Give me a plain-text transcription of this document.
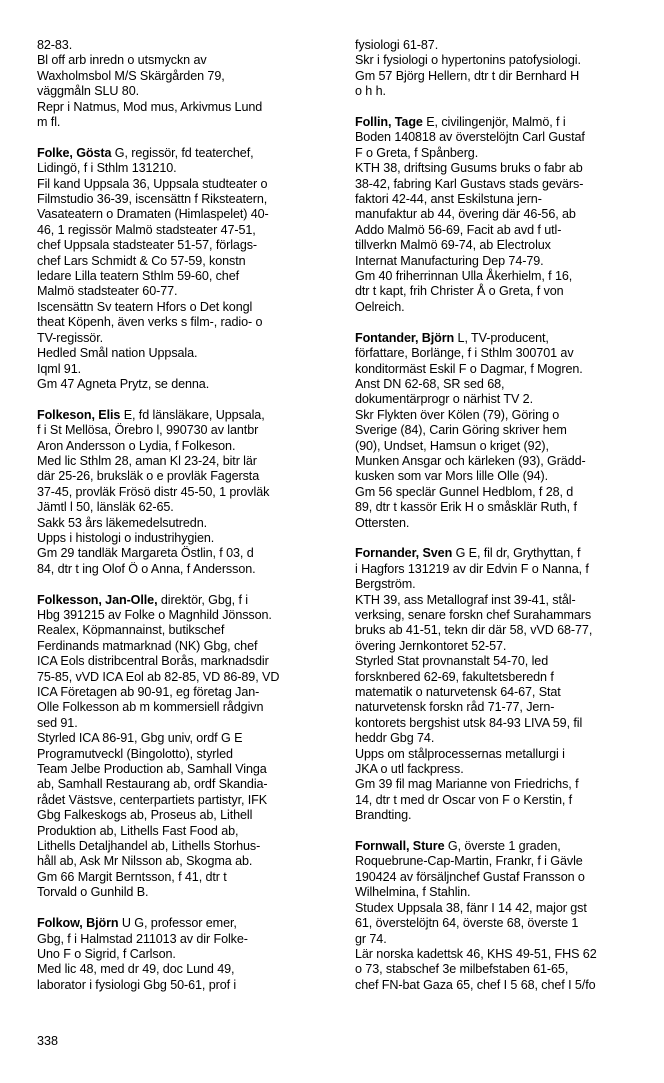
82-83.
Bl off arb inredn o utsmyckn av
Waxholmsbol M/S Skärgården 79,
väggmåln SLU 80.
Repr i Natmus, Mod mus, Arkivmus Lund
m fl.
Folke, Gösta G, regissör, fd teaterchef,
Lidingö, f i Sthlm 131210.
Fil kand Uppsala 36, Uppsala studteater o
Filmstudio 36-39, iscensättn f Riksteatern,
Vasateatern o Dramaten (Himlaspelet) 40-
46, 1 regissör Malmö stadsteater 47-51,
chef Uppsala stadsteater 51-57, förlags-
chef Lars Schmidt & Co 57-59, konstn
ledare Lilla teatern Sthlm 59-60, chef
Malmö stadsteater 60-77.
Iscensättn Sv teatern Hfors o Det kongl
theat Köpenh, även verks s film-, radio- o
TV-regissör.
Hedled Smål nation Uppsala.
Iqml 91.
Gm 47 Agneta Prytz, se denna.
Folkeson, Elis E, fd länsläkare, Uppsala,
f i St Mellösa, Örebro l, 990730 av lantbr
Aron Andersson o Lydia, f Folkeson.
Med lic Sthlm 28, aman Kl 23-24, bitr lär
där 25-26, bruksläk o e provläk Fagersta
37-45, provläk Frösö distr 45-50, 1 provläk
Jämtl l 50, länsläk 62-65.
Sakk 53 års läkemedelsutredn.
Upps i histologi o industrihygien.
Gm 29 tandläk Margareta Östlin, f 03, d
84, dtr t ing Olof Ö o Anna, f Andersson.
Folkesson, Jan-Olle, direktör, Gbg, f i
Hbg 391215 av Folke o Magnhild Jönsson.
Realex, Köpmannainst, butikschef
Ferdinands matmarknad (NK) Gbg, chef
ICA Eols distribcentral Borås, marknadsdir
75-85, vVD ICA Eol ab 82-85, VD 86-89, VD
ICA Företagen ab 90-91, eg företag Jan-
Olle Folkesson ab m kommersiell rådgivn
sed 91.
Styrled ICA 86-91, Gbg univ, ordf G E
Programutveckl (Bingolotto), styrled
Team Jelbe Production ab, Samhall Vinga
ab, Samhall Restaurang ab, ordf Skandia-
rådet Västsve, centerpartiets partistyr, IFK
Gbg Falkeskogs ab, Proseus ab, Lithell
Produktion ab, Lithells Fast Food ab,
Lithells Detaljhandel ab, Lithells Storhus-
håll ab, Ask Mr Nilsson ab, Skogma ab.
Gm 66 Margit Berntsson, f 41, dtr t
Torvald o Gunhild B.
Folkow, Björn U G, professor emer,
Gbg, f i Halmstad 211013 av dir Folke-
Uno F o Sigrid, f Carlson.
Med lic 48, med dr 49, doc Lund 49,
laborator i fysiologi Gbg 50-61, prof i
fysiologi 61-87.
Skr i fysiologi o hypertonins patofysiologi.
Gm 57 Björg Hellern, dtr t dir Bernhard H
o h h.
Follin, Tage E, civilingenjör, Malmö, f i
Boden 140818 av överstelöjtn Carl Gustaf
F o Greta, f Spånberg.
KTH 38, driftsing Gusums bruks o fabr ab
38-42, fabring Karl Gustavs stads gevärs-
faktori 42-44, anst Eskilstuna jern-
manufaktur ab 44, övering där 46-56, ab
Addo Malmö 56-69, Facit ab avd f utl-
tillverkn Malmö 69-74, ab Electrolux
Internat Manufacturing Dep 74-79.
Gm 40 friherrinnan Ulla Åkerhielm, f 16,
dtr t kapt, frih Christer Å o Greta, f von
Oelreich.
Fontander, Björn L, TV-producent,
författare, Borlänge, f i Sthlm 300701 av
konditormäst Eskil F o Dagmar, f Mogren.
Anst DN 62-68, SR sed 68,
dokumentärprogr o närhist TV 2.
Skr Flykten över Kölen (79), Göring o
Sverige (84), Carin Göring skriver hem
(90), Undset, Hamsun o kriget (92),
Munken Ansgar och kärleken (93), Grädd-
kusken som var Mors lille Olle (94).
Gm 56 speclär Gunnel Hedblom, f 28, d
89, dtr t kassör Erik H o småsklär Ruth, f
Ottersten.
Fornander, Sven G E, fil dr, Grythyttan, f
i Hagfors 131219 av dir Edvin F o Nanna, f
Bergström.
KTH 39, ass Metallograf inst 39-41, stål-
verksing, senare forskn chef Surahammars
bruks ab 41-51, tekn dir där 58, vVD 68-77,
övering Jernkontoret 52-57.
Styrled Stat provnanstalt 54-70, led
forsknbered 62-69, fakultetsberedn f
matematik o naturvetensk 64-67, Stat
naturvetensk forskn råd 71-77, Jern-
kontorets bergshist utsk 84-93 LIVA 59, fil
heddr Gbg 74.
Upps om stålprocessernas metallurgi i
JKA o utl fackpress.
Gm 39 fil mag Marianne von Friedrichs, f
14, dtr t med dr Oscar von F o Kerstin, f
Brandting.
Fornwall, Sture G, överste 1 graden,
Roquebrune-Cap-Martin, Frankr, f i Gävle
190424 av försäljnchef Gustaf Fransson o
Wilhelmina, f Stahlin.
Studex Uppsala 38, fänr I 14 42, major gst
61, överstelöjtn 64, överste 68, överste 1
gr 74.
Lär norska kadettsk 46, KHS 49-51, FHS 62
o 73, stabschef 3e milbefstaben 61-65,
chef FN-bat Gaza 65, chef I 5 68, chef I 5/fo
338
